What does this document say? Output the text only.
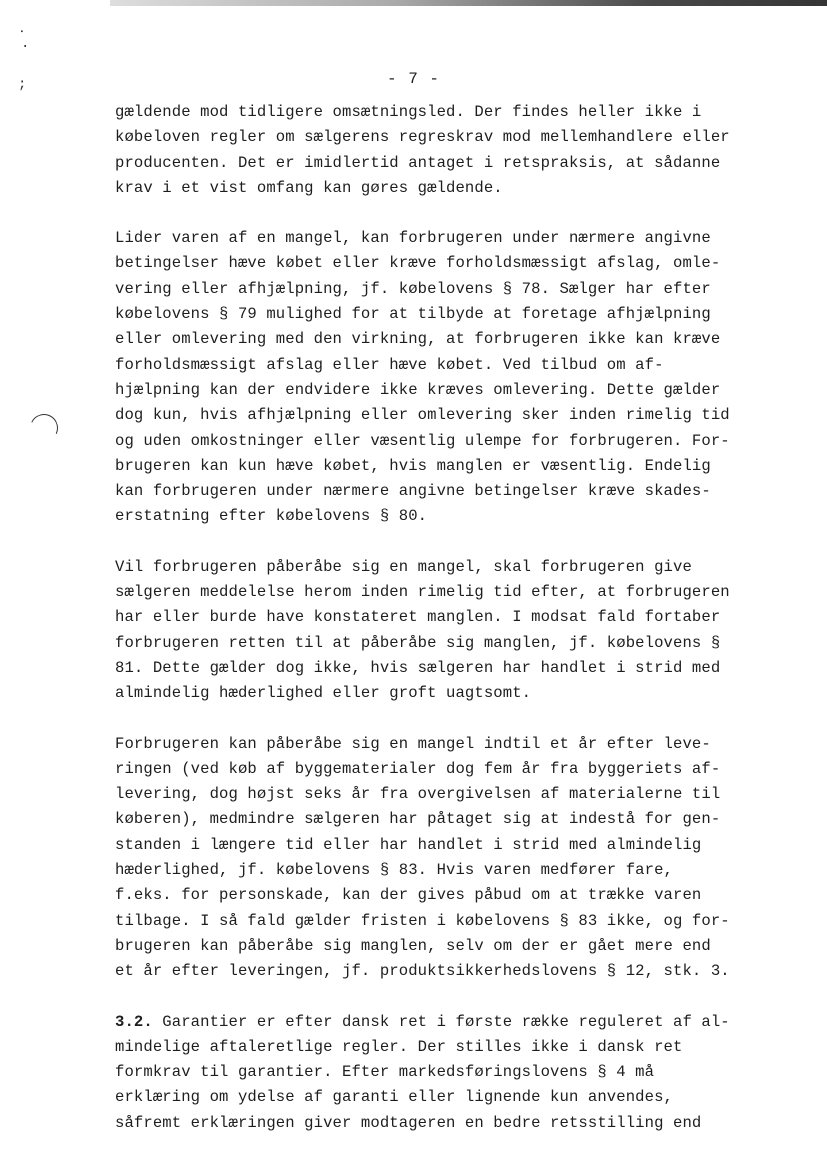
⸳
·
;	- 7 -
gældende mod tidligere omsætningsled. Der findes heller ikke i
købeloven regler om sælgerens regreskrav mod mellemhandlere eller
producenten. Det er imidlertid antaget i retspraksis, at sådanne
krav i et vist omfang kan gøres gældende.
Lider varen af en mangel, kan forbrugeren under nærmere angivne
betingelser hæve købet eller kræve forholdsmæssigt afslag, omle-
vering eller afhjælpning, jf. købelovens § 78. Sælger har efter
købelovens § 79 mulighed for at tilbyde at foretage afhjælpning
eller omlevering med den virkning, at forbrugeren ikke kan kræve
forholdsmæssigt afslag eller hæve købet. Ved tilbud om af-
hjælpning kan der endvidere ikke kræves omlevering. Dette gælder
dog kun, hvis afhjælpning eller omlevering sker inden rimelig tid
og uden omkostninger eller væsentlig ulempe for forbrugeren. For-
brugeren kan kun hæve købet, hvis manglen er væsentlig. Endelig
kan forbrugeren under nærmere angivne betingelser kræve skades-
erstatning efter købelovens § 80.
Vil forbrugeren påberåbe sig en mangel, skal forbrugeren give
sælgeren meddelelse herom inden rimelig tid efter, at forbrugeren
har eller burde have konstateret manglen. I modsat fald fortaber
forbrugeren retten til at påberåbe sig manglen, jf. købelovens §
81. Dette gælder dog ikke, hvis sælgeren har handlet i strid med
almindelig hæderlighed eller groft uagtsomt.
Forbrugeren kan påberåbe sig en mangel indtil et år efter leve-
ringen (ved køb af byggematerialer dog fem år fra byggeriets af-
levering, dog højst seks år fra overgivelsen af materialerne til
køberen), medmindre sælgeren har påtaget sig at indestå for gen-
standen i længere tid eller har handlet i strid med almindelig
hæderlighed, jf. købelovens § 83. Hvis varen medfører fare,
f.eks. for personskade, kan der gives påbud om at trække varen
tilbage. I så fald gælder fristen i købelovens § 83 ikke, og for-
brugeren kan påberåbe sig manglen, selv om der er gået mere end
et år efter leveringen, jf. produktsikkerhedslovens § 12, stk. 3.
3.2. Garantier er efter dansk ret i første række reguleret af al-
mindelige aftaleretlige regler. Der stilles ikke i dansk ret
formkrav til garantier. Efter markedsføringslovens § 4 må
erklæring om ydelse af garanti eller lignende kun anvendes,
såfremt erklæringen giver modtageren en bedre retsstilling end
